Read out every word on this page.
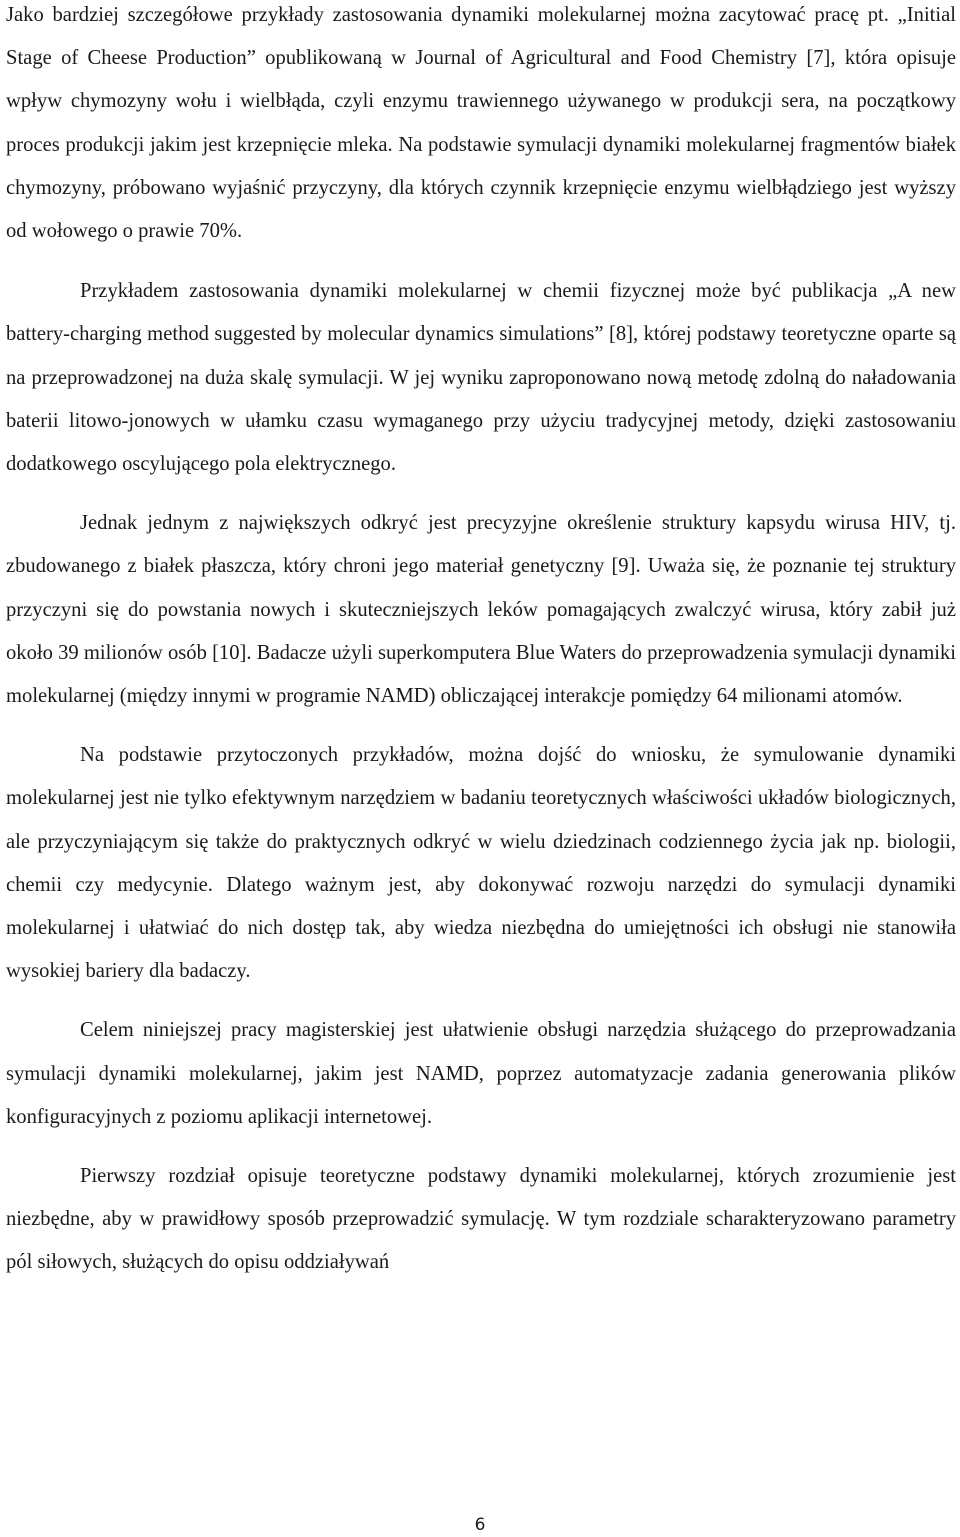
Jako bardziej szczegółowe przykłady zastosowania dynamiki molekularnej można zacytować pracę pt. „Initial Stage of Cheese Production” opublikowaną w Journal of Agricultural and Food Chemistry [7], która opisuje wpływ chymozyny wołu i wielbłąda, czyli enzymu trawiennego używanego w produkcji sera, na początkowy proces produkcji jakim jest krzepnięcie mleka. Na podstawie symulacji dynamiki molekularnej fragmentów białek chymozyny, próbowano wyjaśnić przyczyny, dla których czynnik krzepnięcie enzymu wielbłądziego jest wyższy od wołowego o prawie 70%.

Przykładem zastosowania dynamiki molekularnej w chemii fizycznej może być publikacja „A new battery-charging method suggested by molecular dynamics simulations” [8], której podstawy teoretyczne oparte są na przeprowadzonej na duża skalę symulacji. W jej wyniku zaproponowano nową metodę zdolną do naładowania baterii litowo-jonowych w ułamku czasu wymaganego przy użyciu tradycyjnej metody, dzięki zastosowaniu dodatkowego oscylującego pola elektrycznego.

Jednak jednym z największych odkryć jest precyzyjne określenie struktury kapsydu wirusa HIV, tj. zbudowanego z białek płaszcza, który chroni jego materiał genetyczny [9]. Uważa się, że poznanie tej struktury przyczyni się do powstania nowych i skuteczniejszych leków pomagających zwalczyć wirusa, który zabił już około 39 milionów osób [10]. Badacze użyli superkomputera Blue Waters do przeprowadzenia symulacji dynamiki molekularnej (między innymi w programie NAMD) obliczającej interakcje pomiędzy 64 milionami atomów.

Na podstawie przytoczonych przykładów, można dojść do wniosku, że symulowanie dynamiki molekularnej jest nie tylko efektywnym narzędziem w badaniu teoretycznych właściwości układów biologicznych, ale przyczyniającym się także do praktycznych odkryć w wielu dziedzinach codziennego życia jak np. biologii, chemii czy medycynie. Dlatego ważnym jest, aby dokonywać rozwoju narzędzi do symulacji dynamiki molekularnej i ułatwiać do nich dostęp tak, aby wiedza niezbędna do umiejętności ich obsługi nie stanowiła wysokiej bariery dla badaczy.

Celem niniejszej pracy magisterskiej jest ułatwienie obsługi narzędzia służącego do przeprowadzania symulacji dynamiki molekularnej, jakim jest NAMD, poprzez automatyzacje zadania generowania plików konfiguracyjnych z poziomu aplikacji internetowej.

Pierwszy rozdział opisuje teoretyczne podstawy dynamiki molekularnej, których zrozumienie jest niezbędne, aby w prawidłowy sposób przeprowadzić symulację. W tym rozdziale scharakteryzowano parametry pól siłowych, służących do opisu oddziaływań

6
